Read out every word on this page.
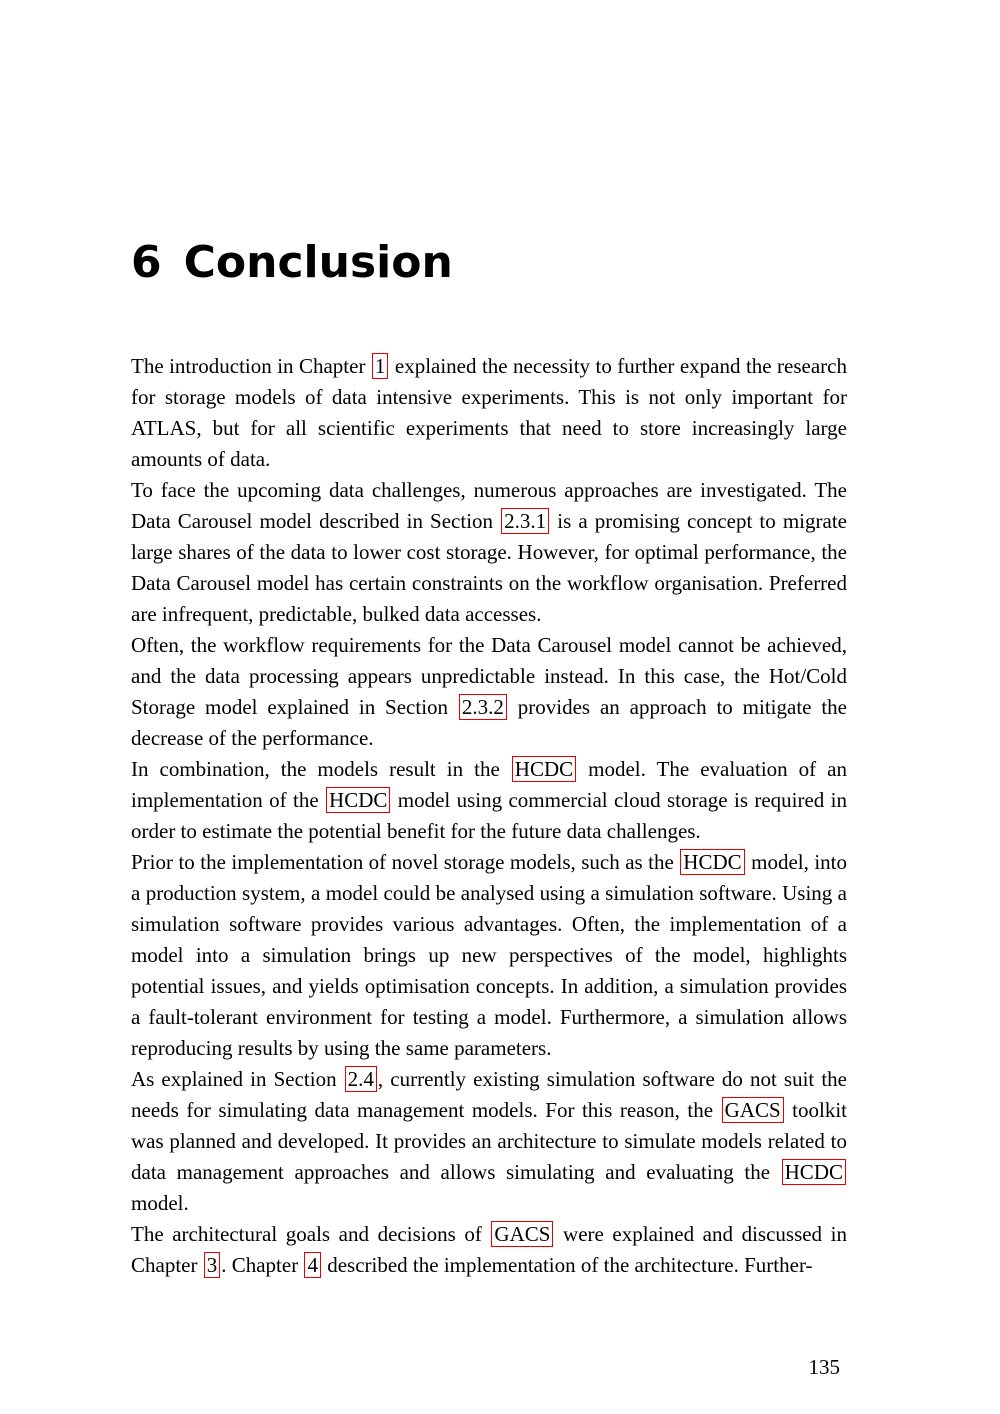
6 Conclusion

The introduction in Chapter 1 explained the necessity to further expand the research for storage models of data intensive experiments. This is not only important for ATLAS, but for all scientific experiments that need to store increasingly large amounts of data.

To face the upcoming data challenges, numerous approaches are investigated. The Data Carousel model described in Section 2.3.1 is a promising concept to migrate large shares of the data to lower cost storage. However, for optimal performance, the Data Carousel model has certain constraints on the workflow organisation. Preferred are infrequent, predictable, bulked data accesses.

Often, the workflow requirements for the Data Carousel model cannot be achieved, and the data processing appears unpredictable instead. In this case, the Hot/Cold Storage model explained in Section 2.3.2 provides an approach to mitigate the decrease of the performance.

In combination, the models result in the HCDC model. The evaluation of an implementation of the HCDC model using commercial cloud storage is required in order to estimate the potential benefit for the future data challenges.

Prior to the implementation of novel storage models, such as the HCDC model, into a production system, a model could be analysed using a simulation software. Using a simulation software provides various advantages. Often, the implementation of a model into a simulation brings up new perspectives of the model, highlights potential issues, and yields optimisation concepts. In addition, a simulation provides a fault-tolerant environment for testing a model. Furthermore, a simulation allows reproducing results by using the same parameters.

As explained in Section 2.4 , currently existing simulation software do not suit the needs for simulating data management models. For this reason, the GACS toolkit was planned and developed. It provides an architecture to simulate models related to data management approaches and allows simulating and evaluating the HCDC model.

The architectural goals and decisions of GACS were explained and discussed in Chapter 3 . Chapter 4 described the implementation of the architecture. Further-

135
